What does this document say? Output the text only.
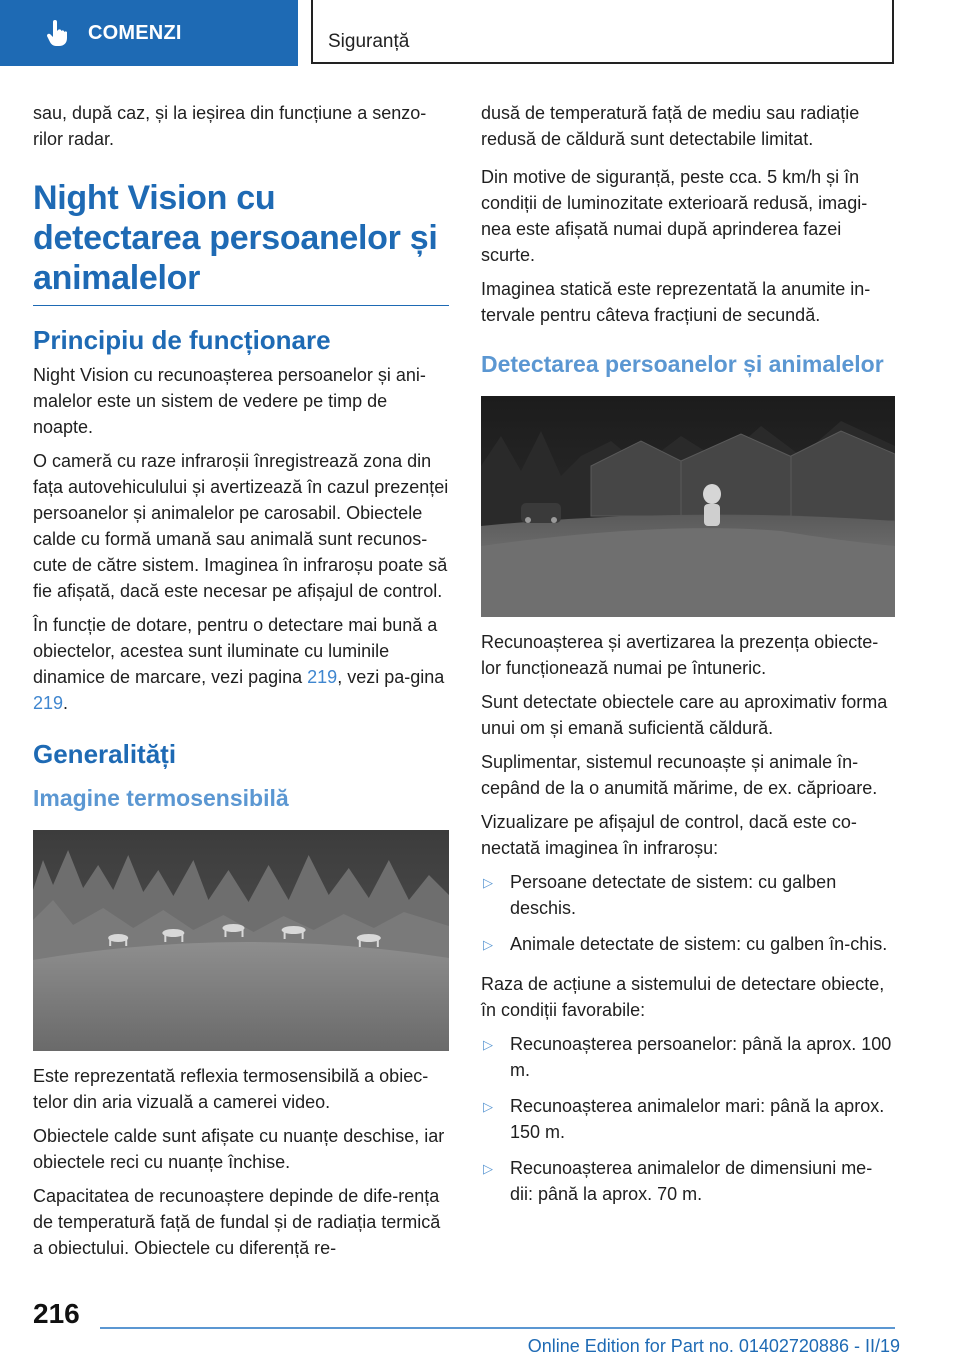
COMENZI	Siguranță

sau, după caz, și la ieșirea din funcțiune a senzo-rilor radar.

Night Vision cu detectarea persoanelor și animalelor
Principiu de funcționare

Night Vision cu recunoașterea persoanelor și ani-malelor este un sistem de vedere pe timp de noapte.

O cameră cu raze infraroșii înregistrează zona din fața autovehiculului și avertizează în cazul prezenței persoanelor și animalelor pe carosabil. Obiectele calde cu formă umană sau animală sunt recunos-cute de către sistem. Imaginea în infraroșu poate să fie afișată, dacă este necesar pe afișajul de control.

În funcție de dotare, pentru o detectare mai bună a obiectelor, acestea sunt iluminate cu luminile dinamice de marcare, vezi pagina 219, vezi pa-gina 219.

Generalități
Imagine termosensibilă

Este reprezentată reflexia termosensibilă a obiec-telor din aria vizuală a camerei video.

Obiectele calde sunt afișate cu nuanțe deschise, iar obiectele reci cu nuanțe închise.

Capacitatea de recunoaștere depinde de dife-rența de temperatură față de fundal și de radiația termică a obiectului. Obiectele cu diferență re-

dusă de temperatură față de mediu sau radiație redusă de căldură sunt detectabile limitat.

Din motive de siguranță, peste cca. 5 km/h și în condiții de luminozitate exterioară redusă, imagi-nea este afișată numai după aprinderea fazei scurte.

Imaginea statică este reprezentată la anumite in-tervale pentru câteva fracțiuni de secundă.

Detectarea persoanelor și animalelor

Recunoașterea și avertizarea la prezența obiecte-lor funcționează numai pe întuneric.

Sunt detectate obiectele care au aproximativ forma unui om și emană suficientă căldură.

Suplimentar, sistemul recunoaște și animale în-cepând de la o anumită mărime, de ex. căprioare.

Vizualizare pe afișajul de control, dacă este co-nectată imaginea în infraroșu:

▷ Persoane detectate de sistem: cu galben deschis.
▷ Animale detectate de sistem: cu galben în-chis.

Raza de acțiune a sistemului de detectare obiecte, în condiții favorabile:

▷ Recunoașterea persoanelor: până la aprox. 100 m.
▷ Recunoașterea animalelor mari: până la aprox. 150 m.
▷ Recunoașterea animalelor de dimensiuni me-dii: până la aprox. 70 m.
216
Online Edition for Part no. 01402720886 - II/19
